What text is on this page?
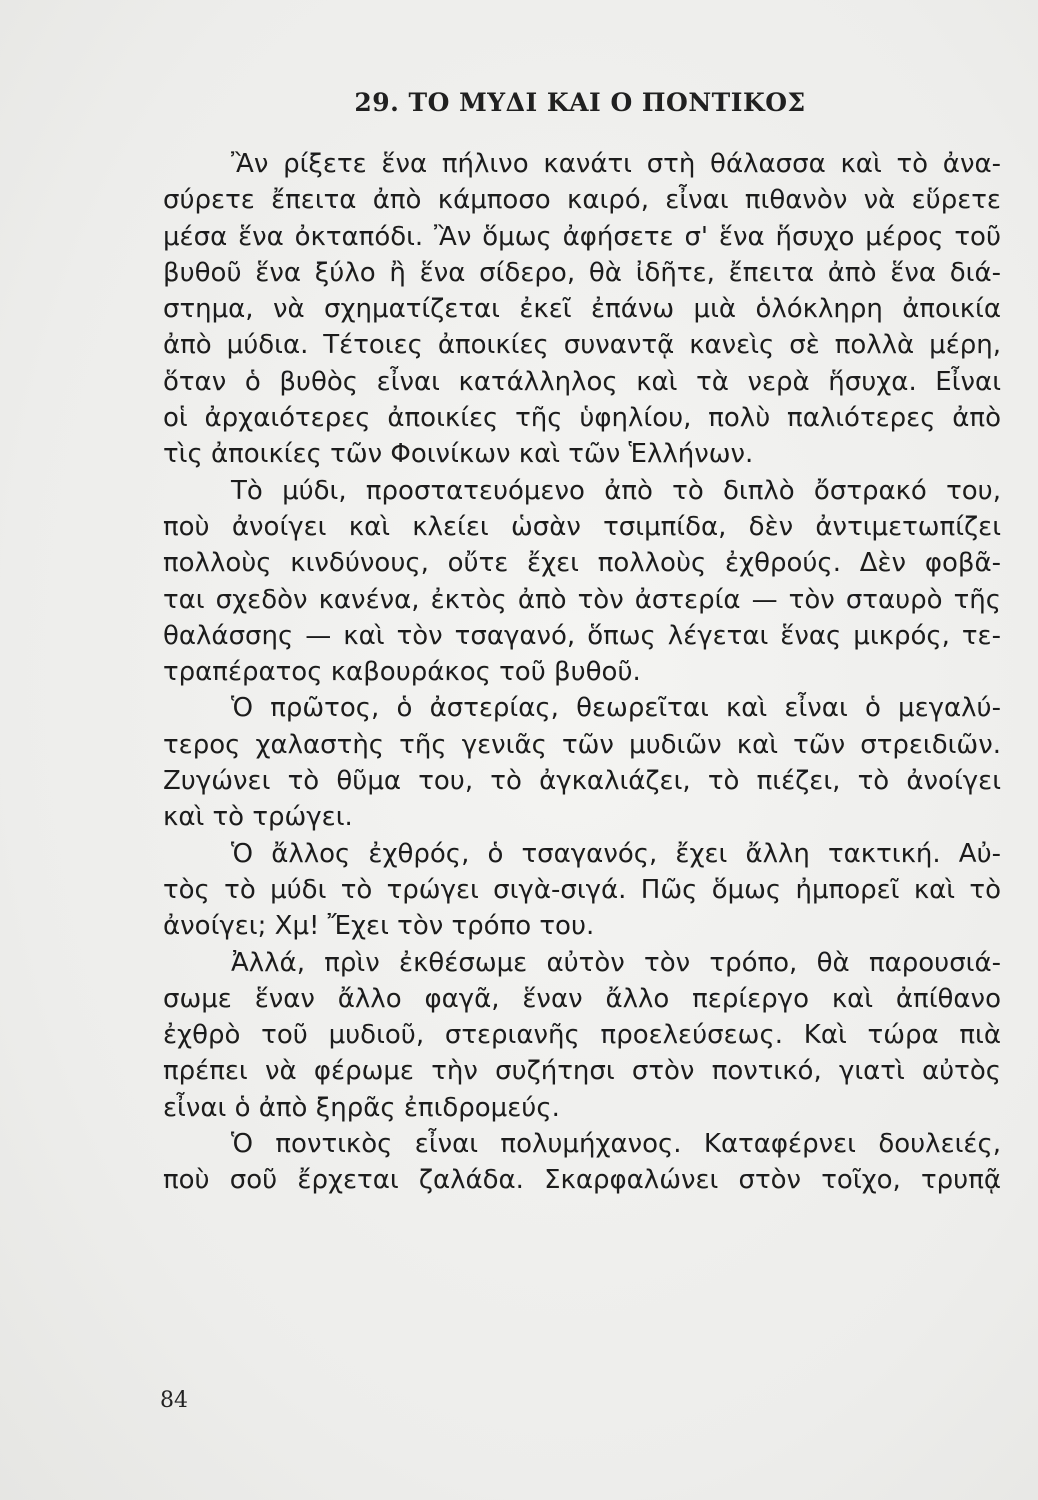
29. ΤΟ ΜΥΔΙ ΚΑΙ Ο ΠΟΝΤΙΚΟΣ
Ἂν ρίξετε ἕνα πήλινο κανάτι στὴ θάλασσα καὶ τὸ ἀνα-
σύρετε ἔπειτα ἀπὸ κάμποσο καιρό, εἶναι πιθανὸν νὰ εὕρετε
μέσα ἕνα ὀκταπόδι. Ἂν ὅμως ἀφήσετε σ' ἕνα ἥσυχο μέρος τοῦ
βυθοῦ ἕνα ξύλο ἢ ἕνα σίδερο, θὰ ἰδῆτε, ἔπειτα ἀπὸ ἕνα διά-
στημα, νὰ σχηματίζεται ἐκεῖ ἐπάνω μιὰ ὁλόκληρη ἀποικία
ἀπὸ μύδια. Τέτοιες ἀποικίες συναντᾷ κανεὶς σὲ πολλὰ μέρη,
ὅταν ὁ βυθὸς εἶναι κατάλληλος καὶ τὰ νερὰ ἥσυχα. Εἶναι
οἱ ἀρχαιότερες ἀποικίες τῆς ὑφηλίου, πολὺ παλιότερες ἀπὸ
τὶς ἀποικίες τῶν Φοινίκων καὶ τῶν Ἑλλήνων.
Τὸ μύδι, προστατευόμενο ἀπὸ τὸ διπλὸ ὄστρακό του,
ποὺ ἀνοίγει καὶ κλείει ὡσὰν τσιμπίδα, δὲν ἀντιμετωπίζει
πολλοὺς κινδύνους, οὔτε ἔχει πολλοὺς ἐχθρούς. Δὲν φοβᾶ-
ται σχεδὸν κανένα, ἐκτὸς ἀπὸ τὸν ἀστερία — τὸν σταυρὸ τῆς
θαλάσσης — καὶ τὸν τσαγανό, ὅπως λέγεται ἕνας μικρός, τε-
τραπέρατος καβουράκος τοῦ βυθοῦ.
Ὁ πρῶτος, ὁ ἀστερίας, θεωρεῖται καὶ εἶναι ὁ μεγαλύ-
τερος χαλαστὴς τῆς γενιᾶς τῶν μυδιῶν καὶ τῶν στρειδιῶν.
Ζυγώνει τὸ θῦμα του, τὸ ἀγκαλιάζει, τὸ πιέζει, τὸ ἀνοίγει
καὶ τὸ τρώγει.
Ὁ ἄλλος ἐχθρός, ὁ τσαγανός, ἔχει ἄλλη τακτική. Αὐ-
τὸς τὸ μύδι τὸ τρώγει σιγὰ-σιγά. Πῶς ὅμως ἠμπορεῖ καὶ τὸ
ἀνοίγει; Χμ! Ἔχει τὸν τρόπο του.
Ἀλλά, πρὶν ἐκθέσωμε αὐτὸν τὸν τρόπο, θὰ παρουσιά-
σωμε ἕναν ἄλλο φαγᾶ, ἕναν ἄλλο περίεργο καὶ ἀπίθανο
ἐχθρὸ τοῦ μυδιοῦ, στεριανῆς προελεύσεως. Καὶ τώρα πιὰ
πρέπει νὰ φέρωμε τὴν συζήτησι στὸν ποντικό, γιατὶ αὐτὸς
εἶναι ὁ ἀπὸ ξηρᾶς ἐπιδρομεύς.
Ὁ ποντικὸς εἶναι πολυμήχανος. Καταφέρνει δουλειές,
ποὺ σοῦ ἔρχεται ζαλάδα. Σκαρφαλώνει στὸν τοῖχο, τρυπᾷ
84
